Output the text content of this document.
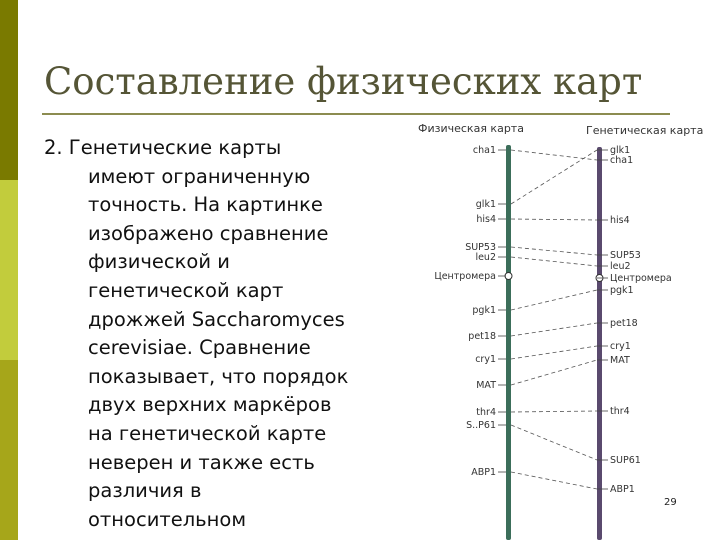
Составление физических карт
2. Генетические карты
имеют ограниченную
точность. На картинке
изображено сравнение
физической и
генетической карт
дрожжей Saccharomyces
cerevisiae. Сравнение
показывает, что порядок
двух верхних маркёров
на генетической карте
неверен и также есть
различия в
относительном
Физическая карта	Генетическая карта
cha1
glk1
his4
SUP53
leu2
Центромера
pgk1
pet18
cry1
MAT
thr4
S..P61
ABP1
glk1
cha1
his4
SUP53
leu2
Центромера
pgk1
pet18
cry1
MAT
thr4
SUP61
ABP1
29
